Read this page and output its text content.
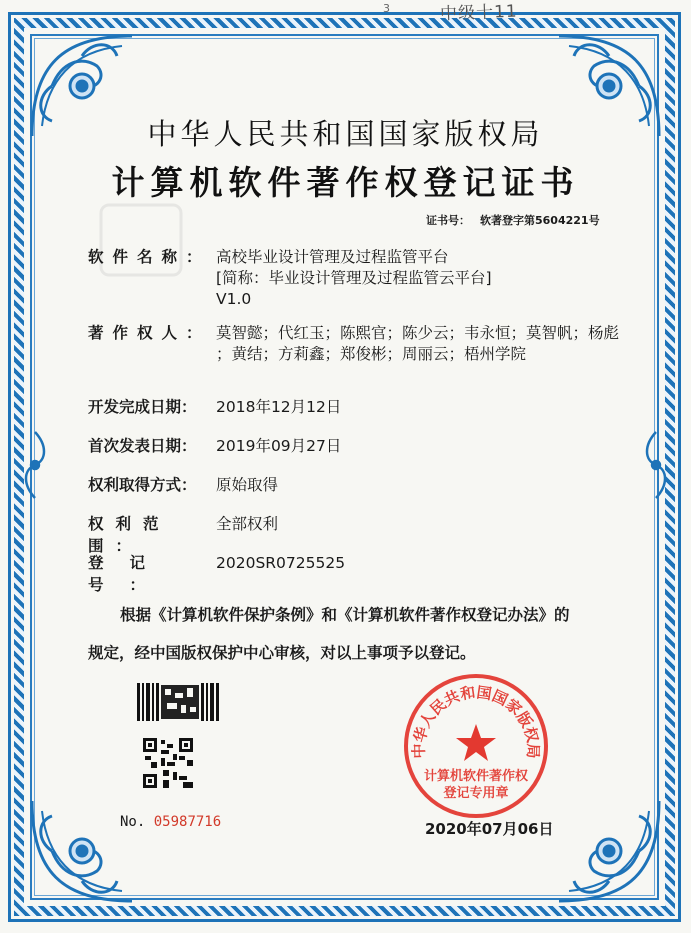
3	中级十11
中华人民共和国国家版权局
计算机软件著作权登记证书
证书号： 软著登字第5604221号
软件名称： 高校毕业设计管理及过程监管平台
[简称：毕业设计管理及过程监管云平台]
V1.0
著作权人： 莫智懿；代红玉；陈熙官；陈少云；韦永恒；莫智帆；杨彪
；黄结；方莉鑫；郑俊彬；周丽云；梧州学院
开发完成日期： 2018年12月12日
首次发表日期： 2019年09月27日
权利取得方式： 原始取得
权利范围：
全部权利
登记号：
2020SR0725525
根据《计算机软件保护条例》和《计算机软件著作权登记办法》的
规定，经中国版权保护中心审核，对以上事项予以登记。
No. 05987716
中华人民共和国国家版权局
计算机软件著作权
登记专用章
2020年07月06日
